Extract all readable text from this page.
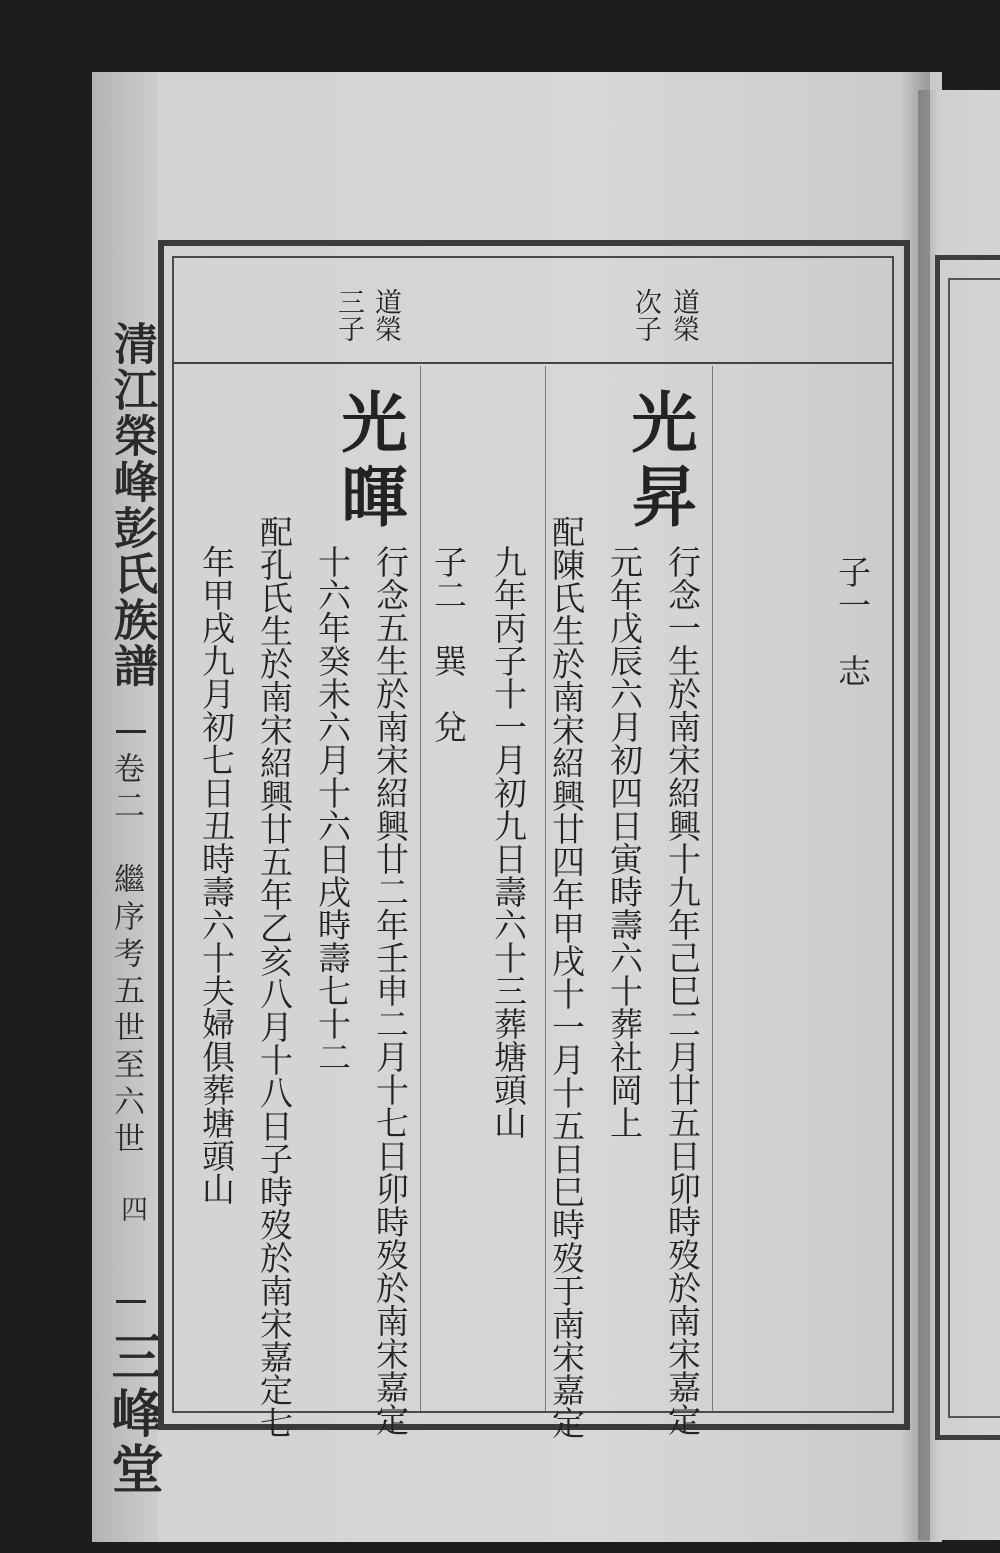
清江榮峰彭氏族譜
卷二　繼序考五世至六世
四
三峰堂
道榮
次子
道榮
三子
光昇
光暉
行念一生於南宋紹興十九年己巳二月廿五日卯時歿於南宋嘉定
元年戊辰六月初四日寅時壽六十葬社岡上
配陳氏生於南宋紹興廿四年甲戌十一月十五日巳時歿于南宋嘉定
九年丙子十一月初九日壽六十三葬塘頭山
子二　巽　兌
行念五生於南宋紹興廿二年壬申二月十七日卯時歿於南宋嘉定
十六年癸未六月十六日戌時壽七十二
配孔氏生於南宋紹興廿五年乙亥八月十八日子時歿於南宋嘉定七
年甲戌九月初七日丑時壽六十夫婦俱葬塘頭山	子一　志
